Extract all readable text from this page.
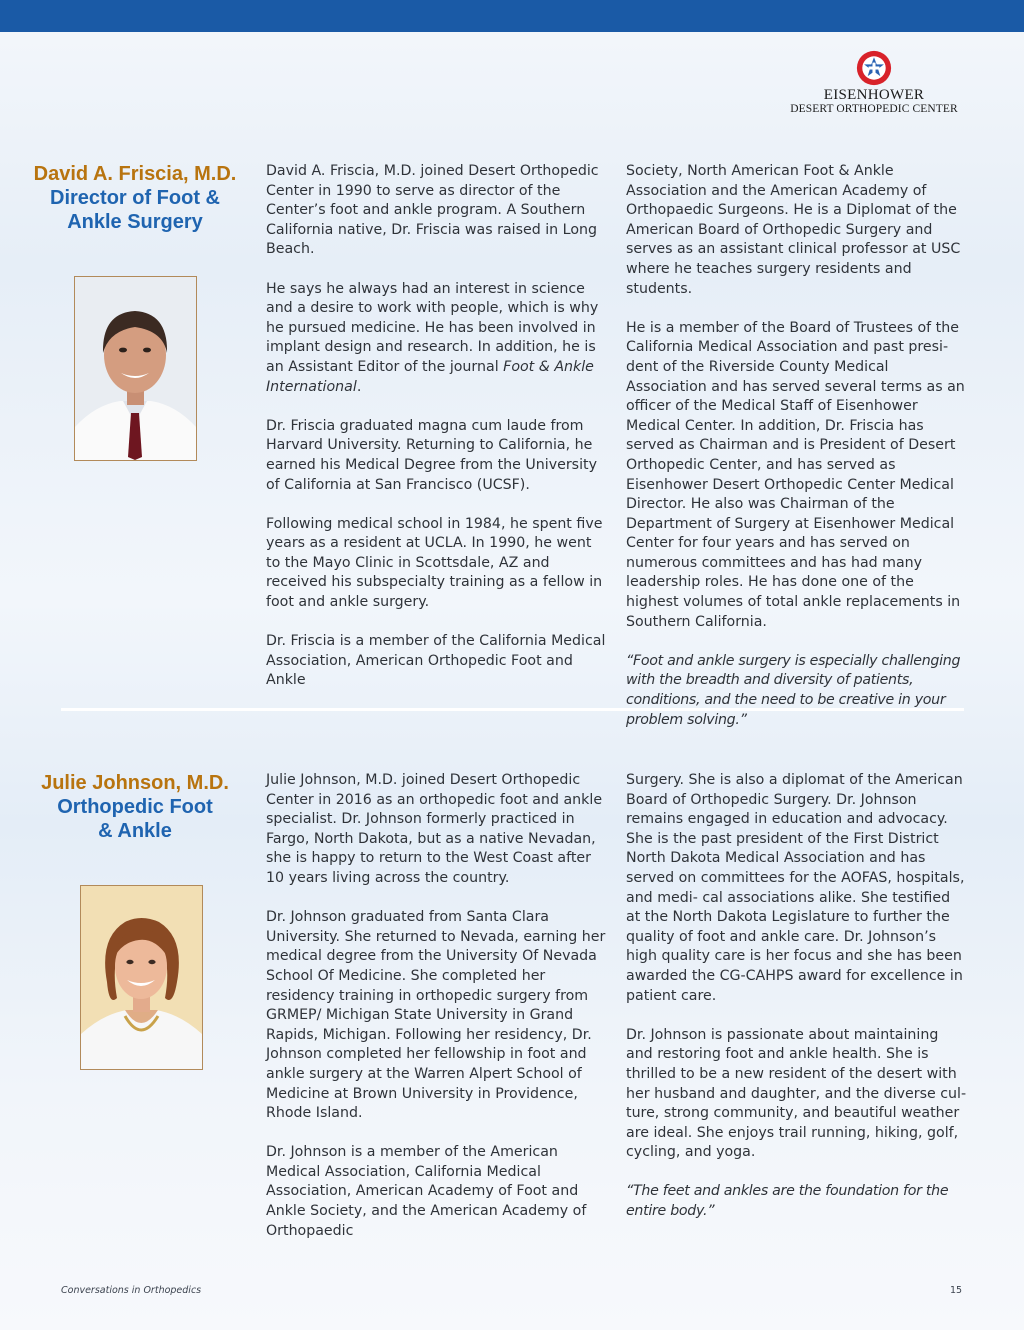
EISENHOWER
DESERT ORTHOPEDIC CENTER
David A. Friscia, M.D.
Director of Foot &
Ankle Surgery

David A. Friscia, M.D. joined Desert Orthopedic Center in 1990 to serve as director of the Center’s foot and ankle program. A Southern California native, Dr. Friscia was raised in Long Beach.

He says he always had an interest in science and a desire to work with people, which is why he pursued medicine. He has been involved in implant design and research. In addition, he is an Assistant Editor of the journal Foot & Ankle International.

Dr. Friscia graduated magna cum laude from Harvard University. Returning to California, he earned his Medical Degree from the University of California at San Francisco (UCSF).

Following medical school in 1984, he spent five years as a resident at UCLA. In 1990, he went to the Mayo Clinic in Scottsdale, AZ and received his subspecialty training as a fellow in foot and ankle surgery.

Dr. Friscia is a member of the California Medical Association, American Orthopedic Foot and Ankle

Society, North American Foot & Ankle Association and the American Academy of Orthopaedic Surgeons. He is a Diplomat of the American Board of Orthopedic Surgery and serves as an assistant clinical professor at USC where he teaches surgery residents and students.

He is a member of the Board of Trustees of the California Medical Association and past presi- dent of the Riverside County Medical Association and has served several terms as an officer of the Medical Staff of Eisenhower Medical Center. In addition, Dr. Friscia has served as Chairman and is President of Desert Orthopedic Center, and has served as Eisenhower Desert Orthopedic Center Medical Director. He also was Chairman of the Department of Surgery at Eisenhower Medical Center for four years and has served on numerous committees and has had many leadership roles. He has done one of the highest volumes of total ankle replacements in Southern California.

“Foot and ankle surgery is especially challenging with the breadth and diversity of patients, conditions, and the need to be creative in your problem solving.”

Julie Johnson, M.D.
Orthopedic Foot
& Ankle

Julie Johnson, M.D. joined Desert Orthopedic Center in 2016 as an orthopedic foot and ankle specialist. Dr. Johnson formerly practiced in Fargo, North Dakota, but as a native Nevadan, she is happy to return to the West Coast after 10 years living across the country.

Dr. Johnson graduated from Santa Clara University. She returned to Nevada, earning her medical degree from the University Of Nevada School Of Medicine. She completed her residency training in orthopedic surgery from GRMEP/ Michigan State University in Grand Rapids, Michigan. Following her residency, Dr. Johnson completed her fellowship in foot and ankle surgery at the Warren Alpert School of Medicine at Brown University in Providence, Rhode Island.

Dr. Johnson is a member of the American Medical Association, California Medical Association, American Academy of Foot and Ankle Society, and the American Academy of Orthopaedic

Surgery. She is also a diplomat of the American Board of Orthopedic Surgery. Dr. Johnson remains engaged in education and advocacy. She is the past president of the First District North Dakota Medical Association and has served on committees for the AOFAS, hospitals, and medi- cal associations alike. She testified at the North Dakota Legislature to further the quality of foot and ankle care. Dr. Johnson’s high quality care is her focus and she has been awarded the CG-CAHPS award for excellence in patient care.

Dr. Johnson is passionate about maintaining and restoring foot and ankle health. She is thrilled to be a new resident of the desert with her husband and daughter, and the diverse cul- ture, strong community, and beautiful weather are ideal. She enjoys trail running, hiking, golf, cycling, and yoga.

“The feet and ankles are the foundation for the entire body.”

Conversations in Orthopedics	15
